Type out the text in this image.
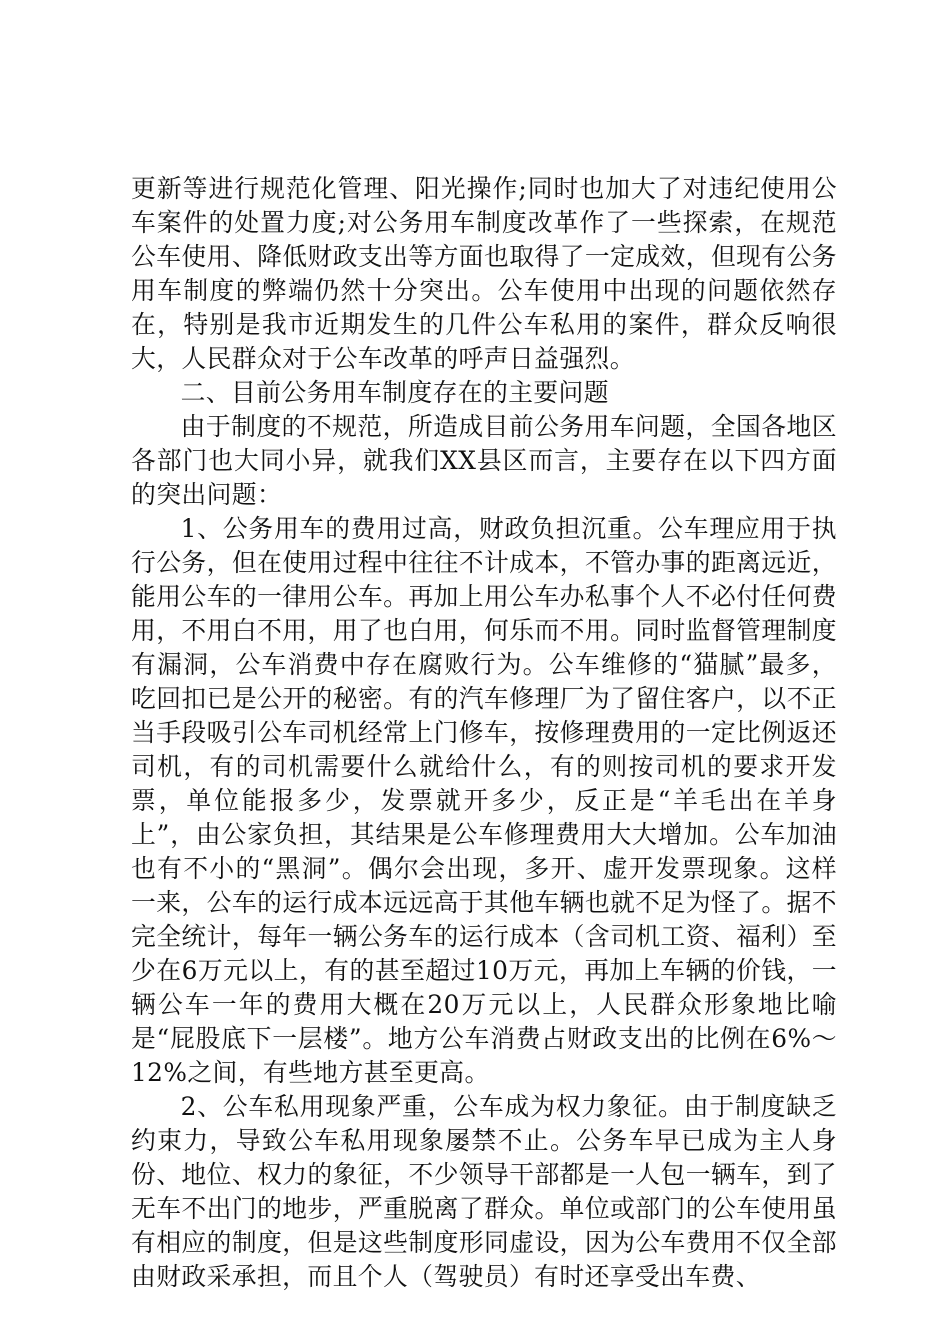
更新等进行规范化管理、阳光操作;同时也加大了对违纪使用公车案件的处置力度;对公务用车制度改革作了一些探索，在规范公车使用、降低财政支出等方面也取得了一定成效，但现有公务用车制度的弊端仍然十分突出。公车使用中出现的问题依然存在，特别是我市近期发生的几件公车私用的案件，群众反响很大，人民群众对于公车改革的呼声日益强烈。

二、目前公务用车制度存在的主要问题

由于制度的不规范，所造成目前公务用车问题，全国各地区各部门也大同小异，就我们XX县区而言，主要存在以下四方面的突出问题：

1、公务用车的费用过高，财政负担沉重。公车理应用于执行公务，但在使用过程中往往不计成本，不管办事的距离远近，能用公车的一律用公车。再加上用公车办私事个人不必付任何费用，不用白不用，用了也白用，何乐而不用。同时监督管理制度有漏洞，公车消费中存在腐败行为。公车维修的“猫腻”最多，吃回扣已是公开的秘密。有的汽车修理厂为了留住客户，以不正当手段吸引公车司机经常上门修车，按修理费用的一定比例返还司机，有的司机需要什么就给什么，有的则按司机的要求开发票，单位能报多少，发票就开多少，反正是“羊毛出在羊身上”，由公家负担，其结果是公车修理费用大大增加。公车加油也有不小的“黑洞”。偶尔会出现，多开、虚开发票现象。这样一来，公车的运行成本远远高于其他车辆也就不足为怪了。据不完全统计，每年一辆公务车的运行成本（含司机工资、福利）至少在6万元以上，有的甚至超过10万元，再加上车辆的价钱，一辆公车一年的费用大概在20万元以上，人民群众形象地比喻是“屁股底下一层楼”。地方公车消费占财政支出的比例在6%～12%之间，有些地方甚至更高。

2、公车私用现象严重，公车成为权力象征。由于制度缺乏约束力，导致公车私用现象屡禁不止。公务车早已成为主人身份、地位、权力的象征，不少领导干部都是一人包一辆车，到了无车不出门的地步，严重脱离了群众。单位或部门的公车使用虽有相应的制度，但是这些制度形同虚设，因为公车费用不仅全部由财政采承担，而且个人（驾驶员）有时还享受出车费、
